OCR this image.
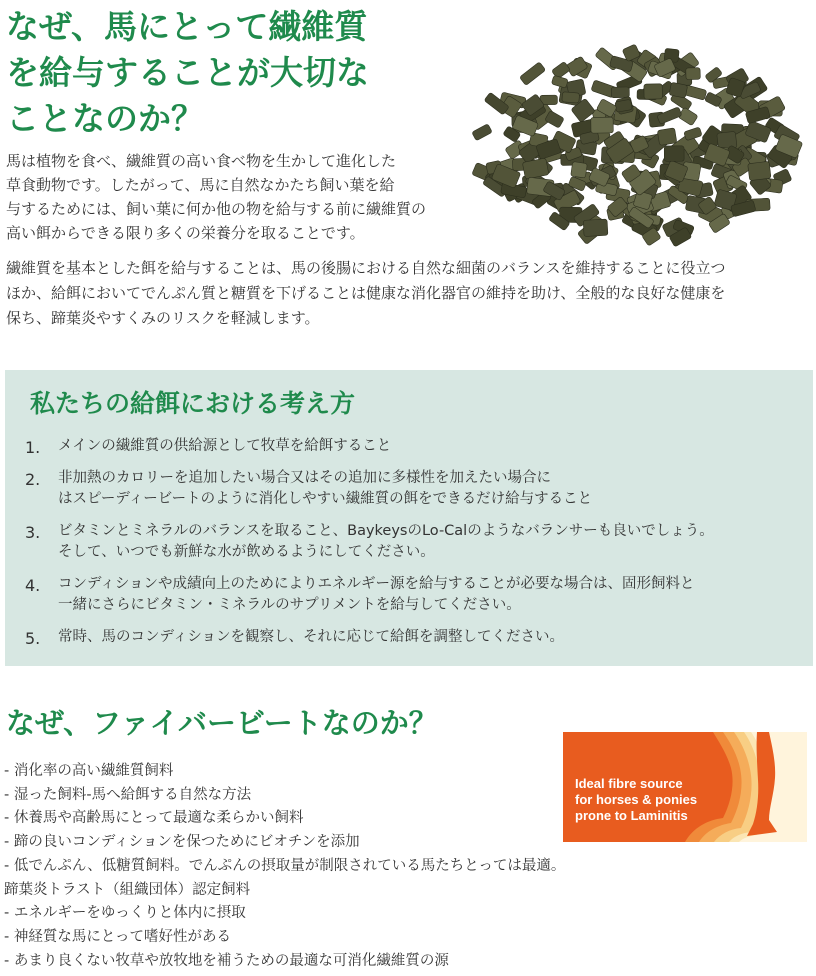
なぜ、馬にとって繊維質
を給与することが大切な
ことなのか？

馬は植物を食べ、繊維質の高い食べ物を生かして進化した
草食動物です。したがって、馬に自然なかたち飼い葉を給
与するためには、飼い葉に何か他の物を給与する前に繊維質の
高い餌からできる限り多くの栄養分を取ることです。

繊維質を基本とした餌を給与することは、馬の後腸における自然な細菌のバランスを維持することに役立つ
ほか、給餌においてでんぷん質と糖質を下げることは健康な消化器官の維持を助け、全般的な良好な健康を
保ち、蹄葉炎やすくみのリスクを軽減します。

私たちの給餌における考え方
1. メインの繊維質の供給源として牧草を給餌すること
2. 非加熱のカロリーを追加したい場合又はその追加に多様性を加えたい場合に
はスピーディービートのように消化しやすい繊維質の餌をできるだけ給与すること
3. ビタミンとミネラルのバランスを取ること、BaykeysのLo-Calのようなバランサーも良いでしょう。
そして、いつでも新鮮な水が飲めるようにしてください。
4. コンディションや成績向上のためによりエネルギー源を給与することが必要な場合は、固形飼料と
一緒にさらにビタミン・ミネラルのサプリメントを給与してください。
5. 常時、馬のコンディションを観察し、それに応じて給餌を調整してください。
なぜ、ファイバービートなのか？
Ideal fibre source
for horses & ponies
prone to Laminitis
- 消化率の高い繊維質飼料
- 湿った飼料-馬へ給餌する自然な方法
- 休養馬や高齢馬にとって最適な柔らかい飼料
- 蹄の良いコンディションを保つためにビオチンを添加
- 低でんぷん、低糖質飼料。でんぷんの摂取量が制限されている馬たちとっては最適。
蹄葉炎トラスト（組織団体）認定飼料
- エネルギーをゆっくりと体内に摂取
- 神経質な馬にとって嗜好性がある
- あまり良くない牧草や放牧地を補うための最適な可消化繊維質の源
